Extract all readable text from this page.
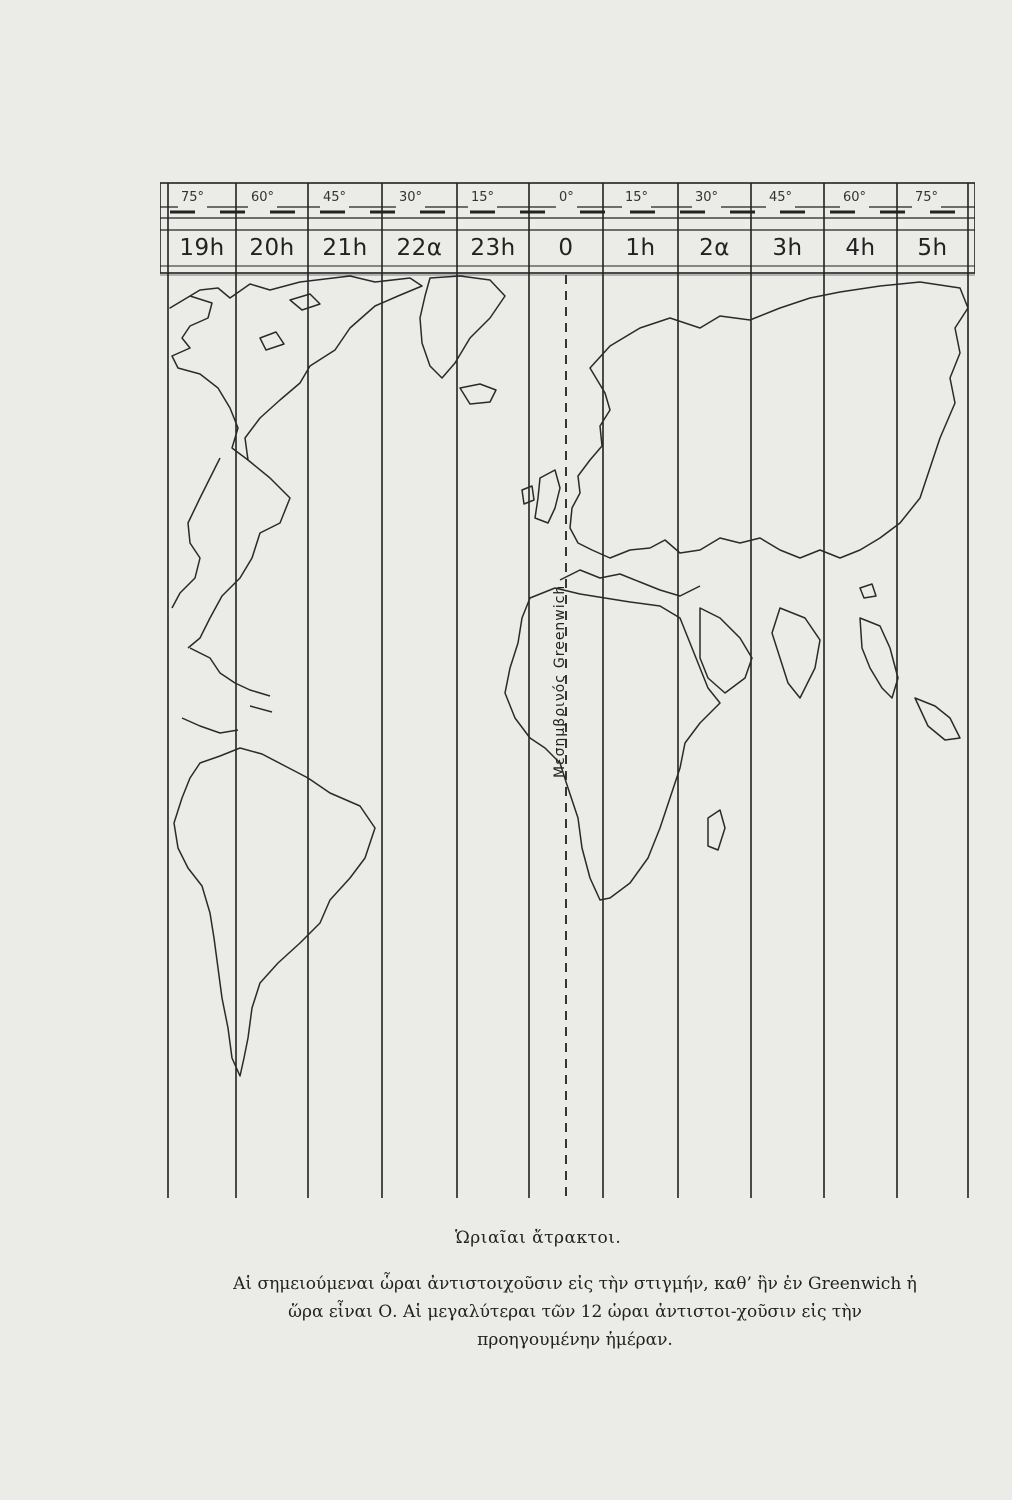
75°	60°	45°	30°	15°	0°	15°	30°	45°	60°	75°
19h	20h	21h	22α	23h	0	1h	2α	3h	4h	5h
Μεσημβρινός Greenwich
Ὡριαῖαι ἄτρακτοι.
Αἱ σημειούμεναι ὧραι ἀντιστοιχοῦσιν εἰς τὴν στιγμήν, καθ’ ἣν ἐν Greenwich ἡ ὥρα εἶναι Ο. Αἱ μεγαλύτεραι τῶν 12 ὡραι ἀντιστοι-χοῦσιν εἰς τὴν προηγουμένην ἡμέραν.
